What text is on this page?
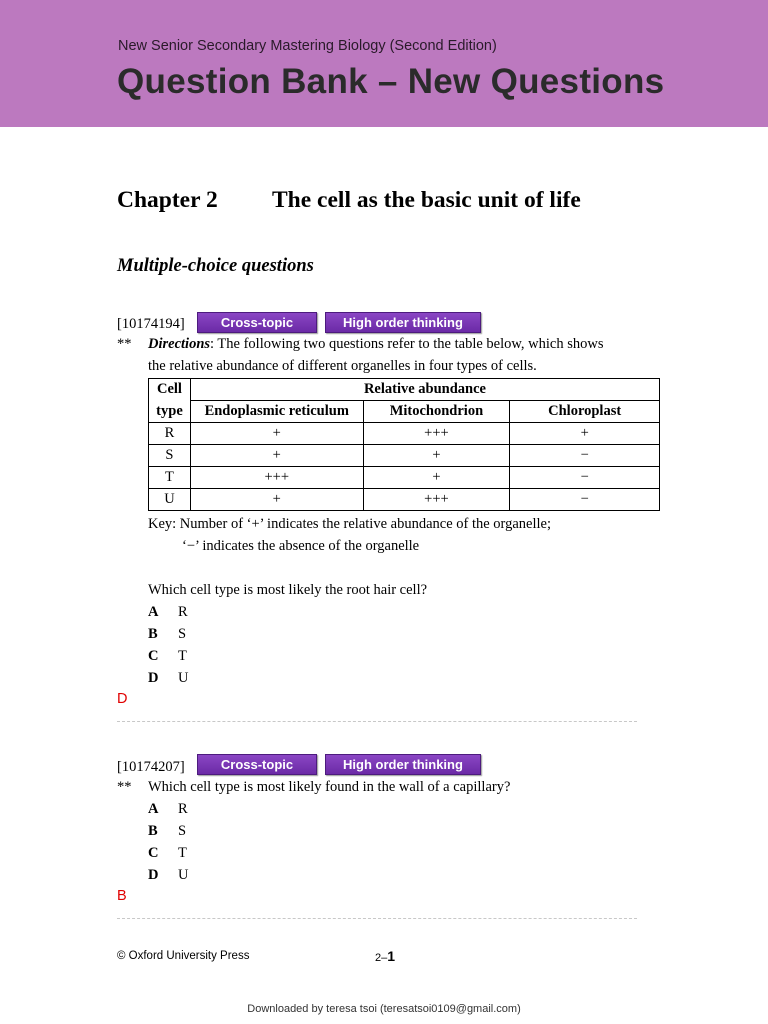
New Senior Secondary Mastering Biology (Second Edition)
Question Bank – New Questions
Chapter 2 The cell as the basic unit of life
Multiple-choice questions
[10174194]	Cross-topic	High order thinking
** Directions: The following two questions refer to the table below, which shows
the relative abundance of different organelles in four types of cells.
Cell	Relative abundance		
type	Endoplasmic reticulum	Mitochondrion	Chloroplast
R	+	+++	+
S	+	+	−
T	+++	+	−
U	+	+++	−
Key: Number of ‘+’ indicates the relative abundance of the organelle;
‘−’ indicates the absence of the organelle
Which cell type is most likely the root hair cell?
A R
B S
C T
D U
D
[10174207]	Cross-topic	High order thinking
** Which cell type is most likely found in the wall of a capillary?
A R
B S
C T
D U
B
© Oxford University Press	2–1
Downloaded by teresa tsoi (teresatsoi0109@gmail.com)
